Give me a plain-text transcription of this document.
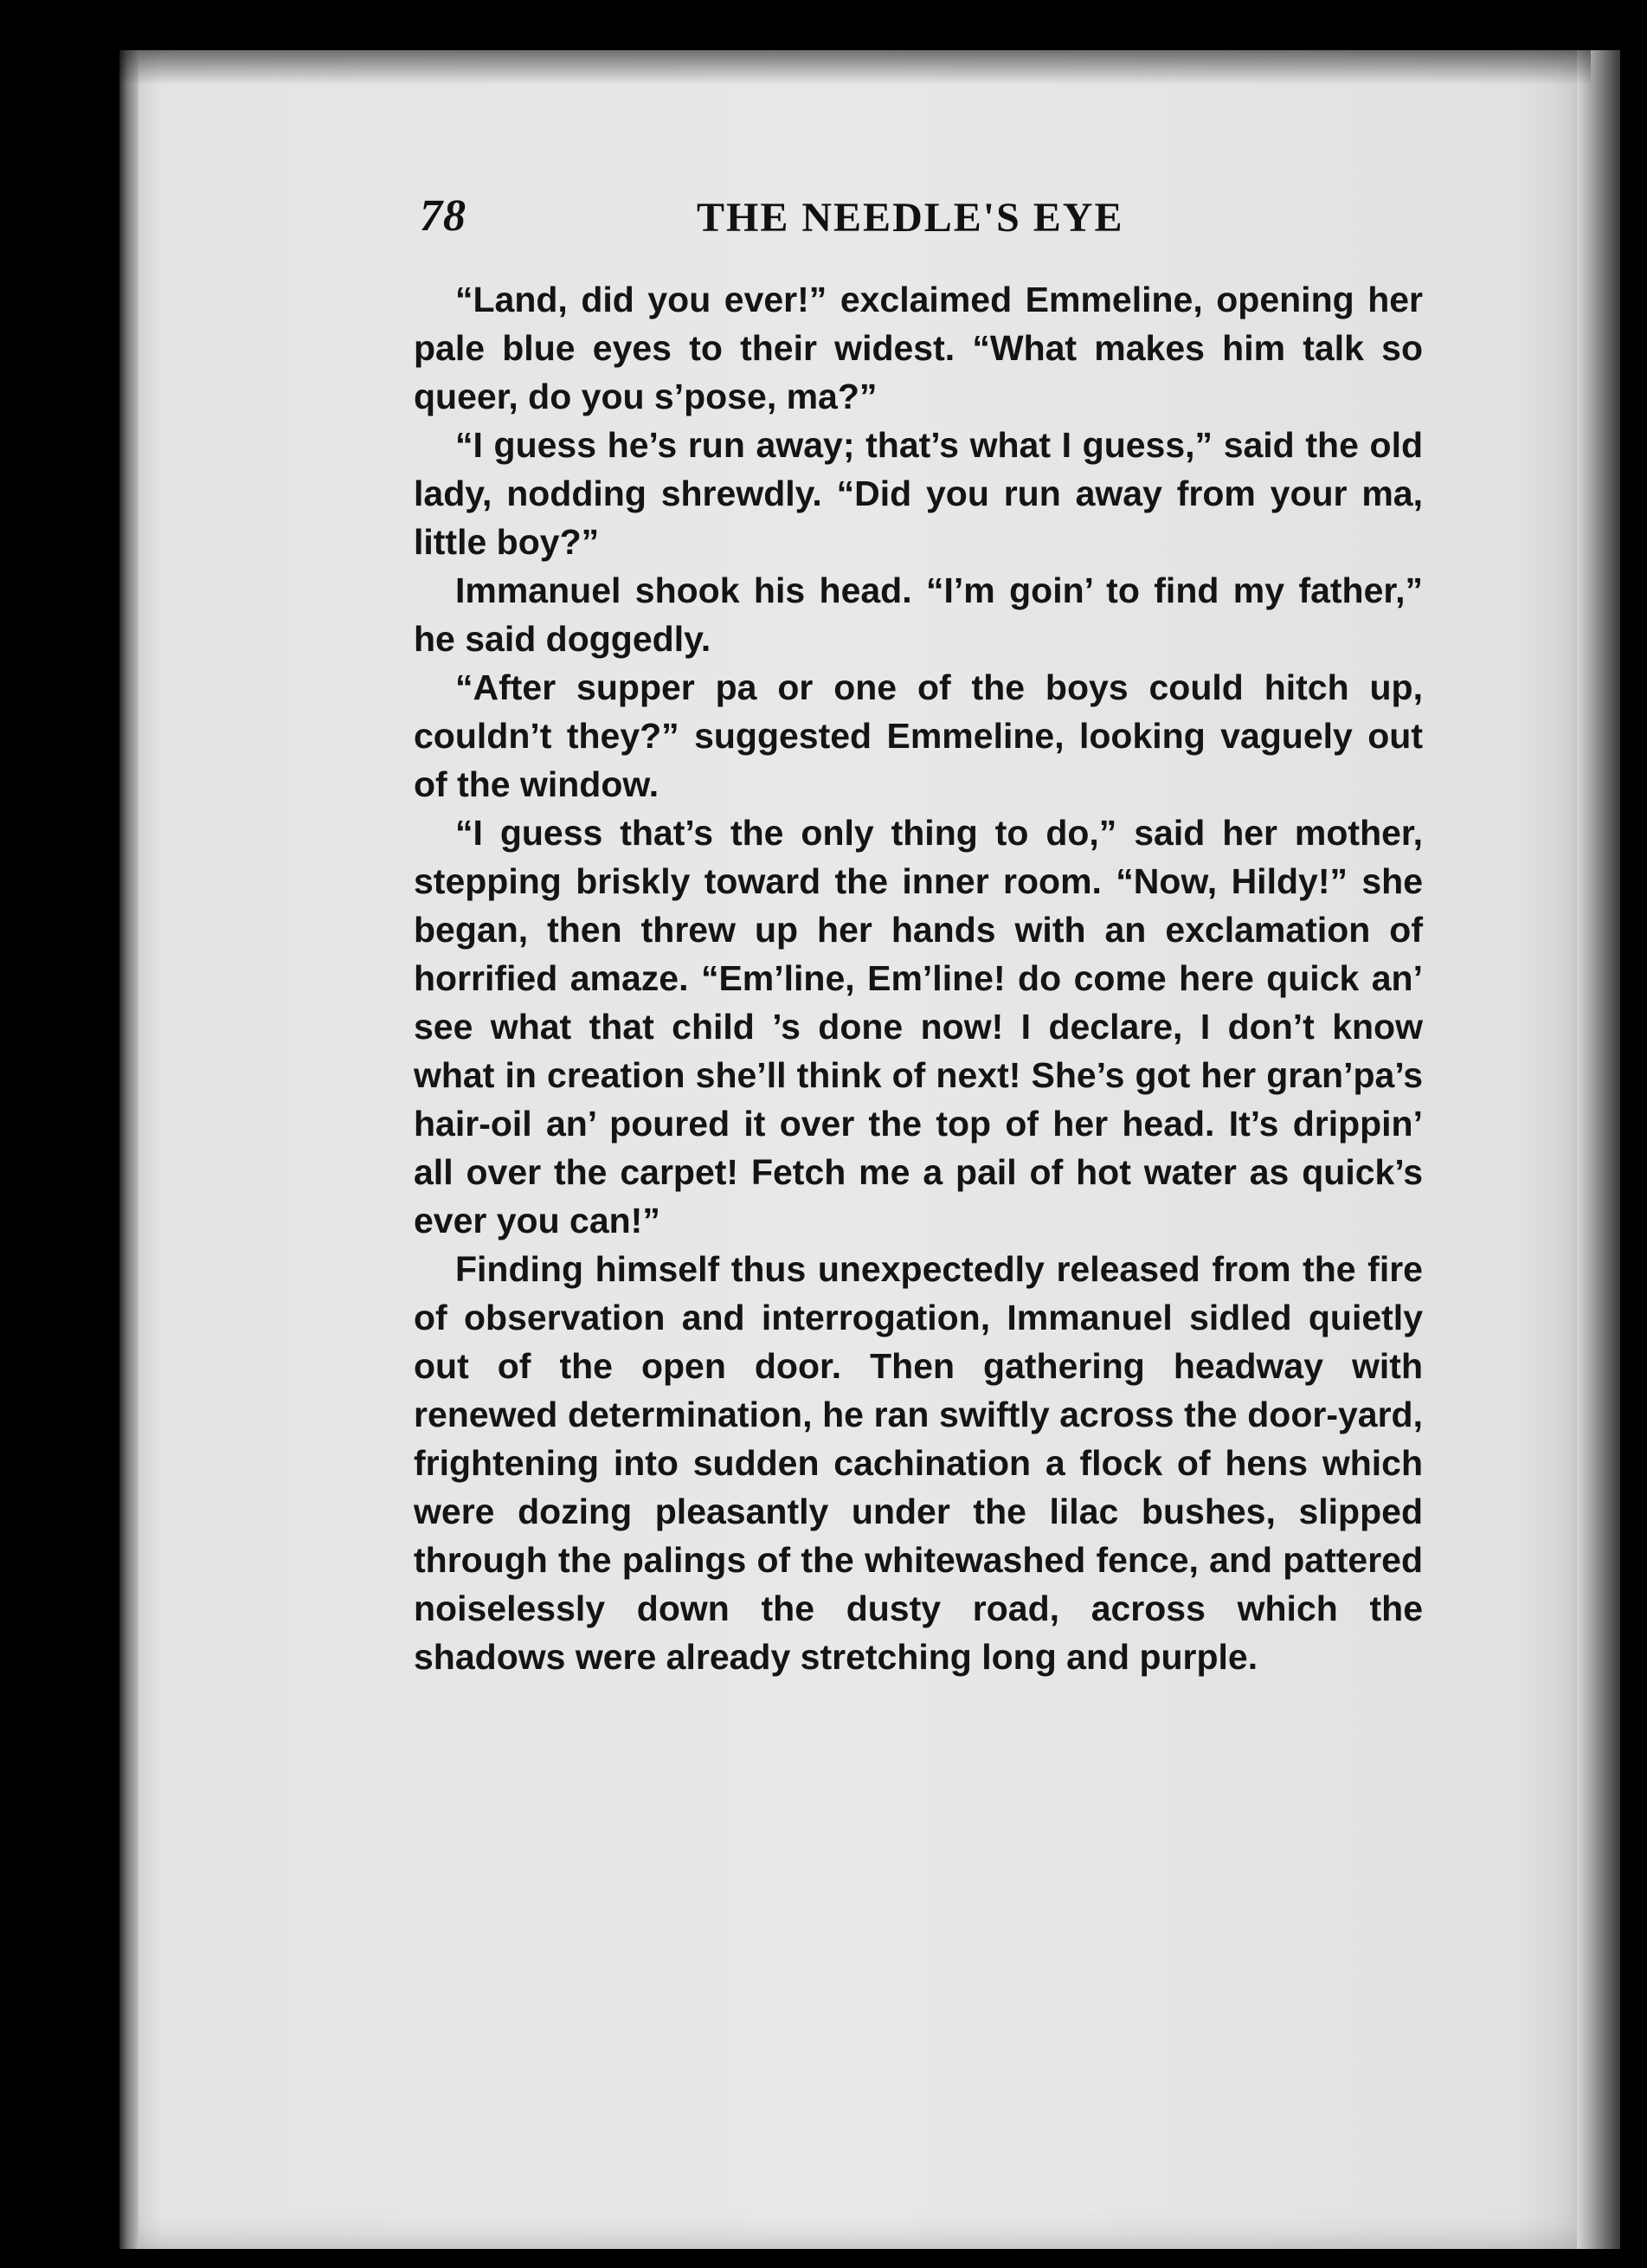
78	THE NEEDLE'S EYE

“Land, did you ever!” exclaimed Emmeline, opening her pale blue eyes to their widest. “What makes him talk so queer, do you s’pose, ma?”

“I guess he’s run away; that’s what I guess,” said the old lady, nodding shrewdly. “Did you run away from your ma, little boy?”

Immanuel shook his head. “I’m goin’ to find my father,” he said doggedly.

“After supper pa or one of the boys could hitch up, couldn’t they?” suggested Emmeline, looking vaguely out of the window.

“I guess that’s the only thing to do,” said her mother, stepping briskly toward the inner room. “Now, Hildy!” she began, then threw up her hands with an exclamation of horrified amaze. “Em’line, Em’line! do come here quick an’ see what that child ’s done now! I declare, I don’t know what in creation she’ll think of next! She’s got her gran’pa’s hair-oil an’ poured it over the top of her head. It’s drippin’ all over the carpet! Fetch me a pail of hot water as quick’s ever you can!”

Finding himself thus unexpectedly released from the fire of observation and interrogation, Immanuel sidled quietly out of the open door. Then gathering headway with renewed determination, he ran swiftly across the door-yard, frightening into sudden cachination a flock of hens which were dozing pleasantly under the lilac bushes, slipped through the palings of the whitewashed fence, and pattered noiselessly down the dusty road, across which the shadows were already stretching long and purple.
